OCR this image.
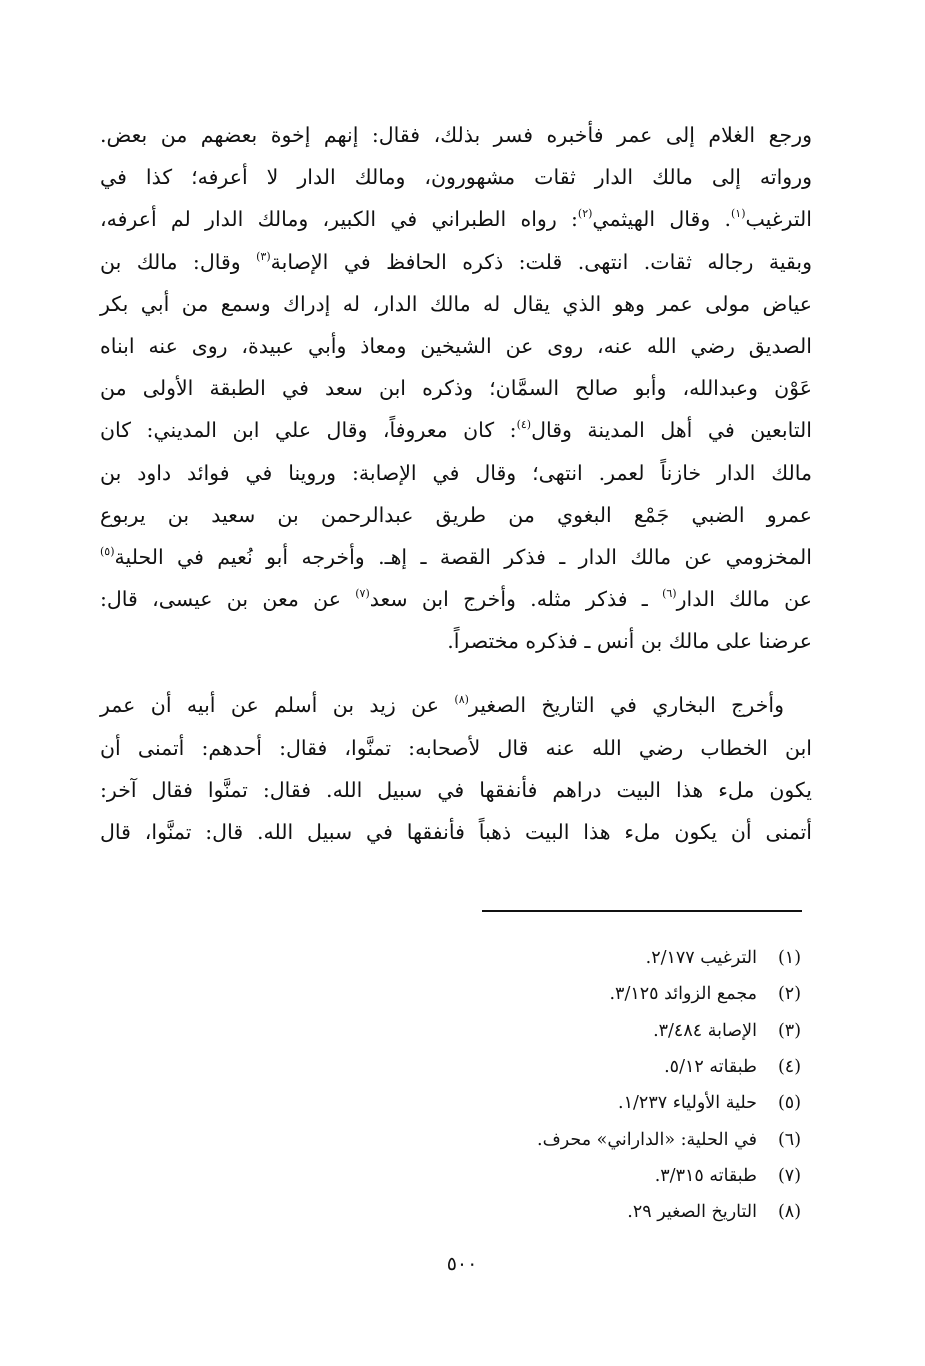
ورجع الغلام إلى عمر فأخبره فسر بذلك، فقال: إنهم إخوة بعضهم من بعض.
ورواته إلى مالك الدار ثقات مشهورون، ومالك الدار لا أعرفه؛ كذا في
الترغيب$^{(١)}$. وقال الهيثمي$^{(٢)}$: رواه الطبراني في الكبير، ومالك الدار لم أعرفه،
وبقية رجاله ثقات. انتهى. قلت: ذكره الحافظ في الإصابة$^{(٣)}$ وقال: مالك بن
عياض مولى عمر وهو الذي يقال له مالك الدار، له إدراك وسمع من أبي بكر
الصديق رضي الله عنه، روى عن الشيخين ومعاذ وأبي عبيدة، روى عنه ابناه
عَوْن وعبدالله، وأبو صالح السمَّان؛ وذكره ابن سعد في الطبقة الأولى من
التابعين في أهل المدينة وقال$^{(٤)}$: كان معروفاً، وقال علي ابن المديني: كان
مالك الدار خازناً لعمر. انتهى؛ وقال في الإصابة: وروينا في فوائد داود بن
عمرو الضبي جَمْع البغوي من طريق عبدالرحمن بن سعيد بن يربوع
المخزومي عن مالك الدار ـ فذكر القصة ـ إهـ. وأخرجه أبو نُعيم في الحلية$^{(٥)}$
عن مالك الدار$^{(٦)}$ ـ فذكر مثله. وأخرج ابن سعد$^{(٧)}$ عن معن بن عيسى، قال:
عرضنا على مالك بن أنس ـ فذكره مختصراً.
وأخرج البخاري في التاريخ الصغير$^{(٨)}$ عن زيد بن أسلم عن أبيه أن عمر
ابن الخطاب رضي الله عنه قال لأصحابه: تمنَّوا، فقال: أحدهم: أتمنى أن
يكون ملء هذا البيت دراهم فأنفقها في سبيل الله. فقال: تمنَّوا فقال آخر:
أتمنى أن يكون ملء هذا البيت ذهباً فأنفقها في سبيل الله. قال: تمنَّوا، قال
(١)
الترغيب ٢/١٧٧.
(٢)
مجمع الزوائد ٣/١٢٥.
(٣)
الإصابة ٣/٤٨٤.
(٤)
طبقاته ٥/١٢.
(٥)
حلية الأولياء ١/٢٣٧.
(٦)
في الحلية: «الداراني» محرف.
(٧)
طبقاته ٣/٣١٥.
(٨)
التاريخ الصغير ٢٩.
٥٠٠
